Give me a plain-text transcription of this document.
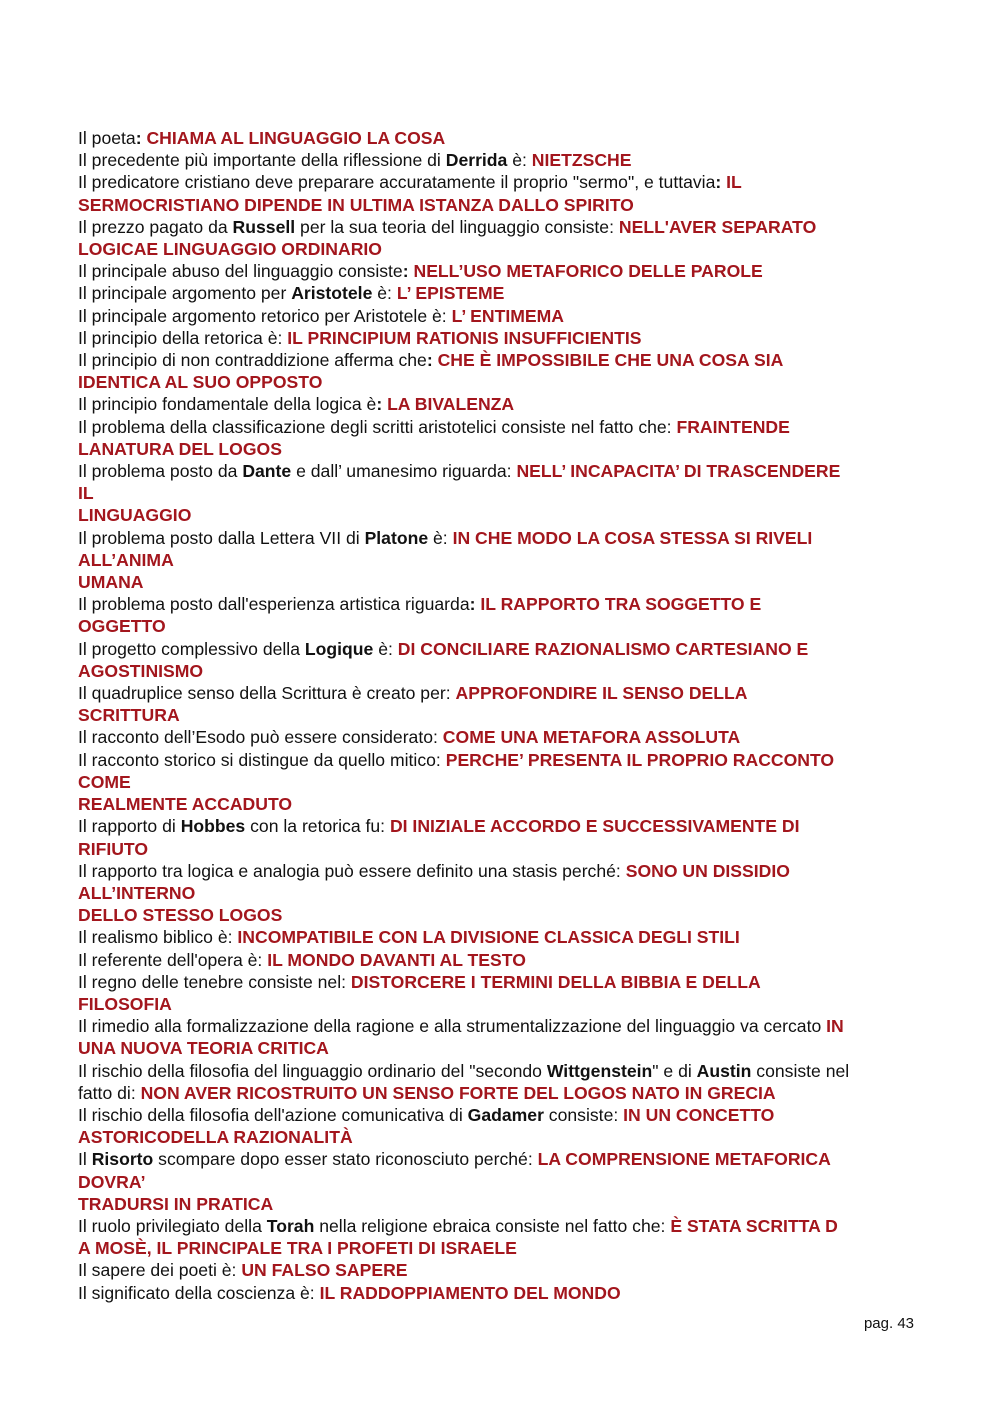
Il poeta: CHIAMA AL LINGUAGGIO LA COSA
Il precedente più importante della riflessione di Derrida è: NIETZSCHE
Il predicatore cristiano deve preparare accuratamente il proprio "sermo", e tuttavia: IL
SERMOCRISTIANO DIPENDE IN ULTIMA ISTANZA DALLO SPIRITO
Il prezzo pagato da Russell per la sua teoria del linguaggio consiste: NELL'AVER SEPARATO
LOGICAE LINGUAGGIO ORDINARIO
Il principale abuso del linguaggio consiste: NELL’USO METAFORICO DELLE PAROLE
Il principale argomento per Aristotele è: L’ EPISTEME
Il principale argomento retorico per Aristotele è: L’ ENTIMEMA
Il principio della retorica è: IL PRINCIPIUM RATIONIS INSUFFICIENTIS
Il principio di non contraddizione afferma che: CHE È IMPOSSIBILE CHE UNA COSA SIA
IDENTICA AL SUO OPPOSTO
Il principio fondamentale della logica è: LA BIVALENZA
Il problema della classificazione degli scritti aristotelici consiste nel fatto che: FRAINTENDE
LANATURA DEL LOGOS
Il problema posto da Dante e dall’ umanesimo riguarda: NELL’ INCAPACITA’ DI TRASCENDERE
IL
LINGUAGGIO
Il problema posto dalla Lettera VII di Platone è: IN CHE MODO LA COSA STESSA SI RIVELI
ALL’ANIMA
UMANA
Il problema posto dall'esperienza artistica riguarda: IL RAPPORTO TRA SOGGETTO E
OGGETTO
Il progetto complessivo della Logique è: DI CONCILIARE RAZIONALISMO CARTESIANO E
AGOSTINISMO
Il quadruplice senso della Scrittura è creato per: APPROFONDIRE IL SENSO DELLA
SCRITTURA
Il racconto dell’Esodo può essere considerato: COME UNA METAFORA ASSOLUTA
Il racconto storico si distingue da quello mitico: PERCHE’ PRESENTA IL PROPRIO RACCONTO
COME
REALMENTE ACCADUTO
Il rapporto di Hobbes con la retorica fu: DI INIZIALE ACCORDO E SUCCESSIVAMENTE DI
RIFIUTO
Il rapporto tra logica e analogia può essere definito una stasis perché: SONO UN DISSIDIO
ALL’INTERNO
DELLO STESSO LOGOS
Il realismo biblico è: INCOMPATIBILE CON LA DIVISIONE CLASSICA DEGLI STILI
Il referente dell'opera è: IL MONDO DAVANTI AL TESTO
Il regno delle tenebre consiste nel: DISTORCERE I TERMINI DELLA BIBBIA E DELLA
FILOSOFIA
Il rimedio alla formalizzazione della ragione e alla strumentalizzazione del linguaggio va cercato IN
UNA NUOVA TEORIA CRITICA
Il rischio della filosofia del linguaggio ordinario del "secondo Wittgenstein" e di Austin consiste nel
fatto di: NON AVER RICOSTRUITO UN SENSO FORTE DEL LOGOS NATO IN GRECIA
Il rischio della filosofia dell'azione comunicativa di Gadamer consiste: IN UN CONCETTO
ASTORICODELLA RAZIONALITÀ
Il Risorto scompare dopo esser stato riconosciuto perché: LA COMPRENSIONE METAFORICA
DOVRA’
TRADURSI IN PRATICA
Il ruolo privilegiato della Torah nella religione ebraica consiste nel fatto che: È STATA SCRITTA D
A MOSÈ, IL PRINCIPALE TRA I PROFETI DI ISRAELE
Il sapere dei poeti è: UN FALSO SAPERE
Il significato della coscienza è: IL RADDOPPIAMENTO DEL MONDO
pag. 43
